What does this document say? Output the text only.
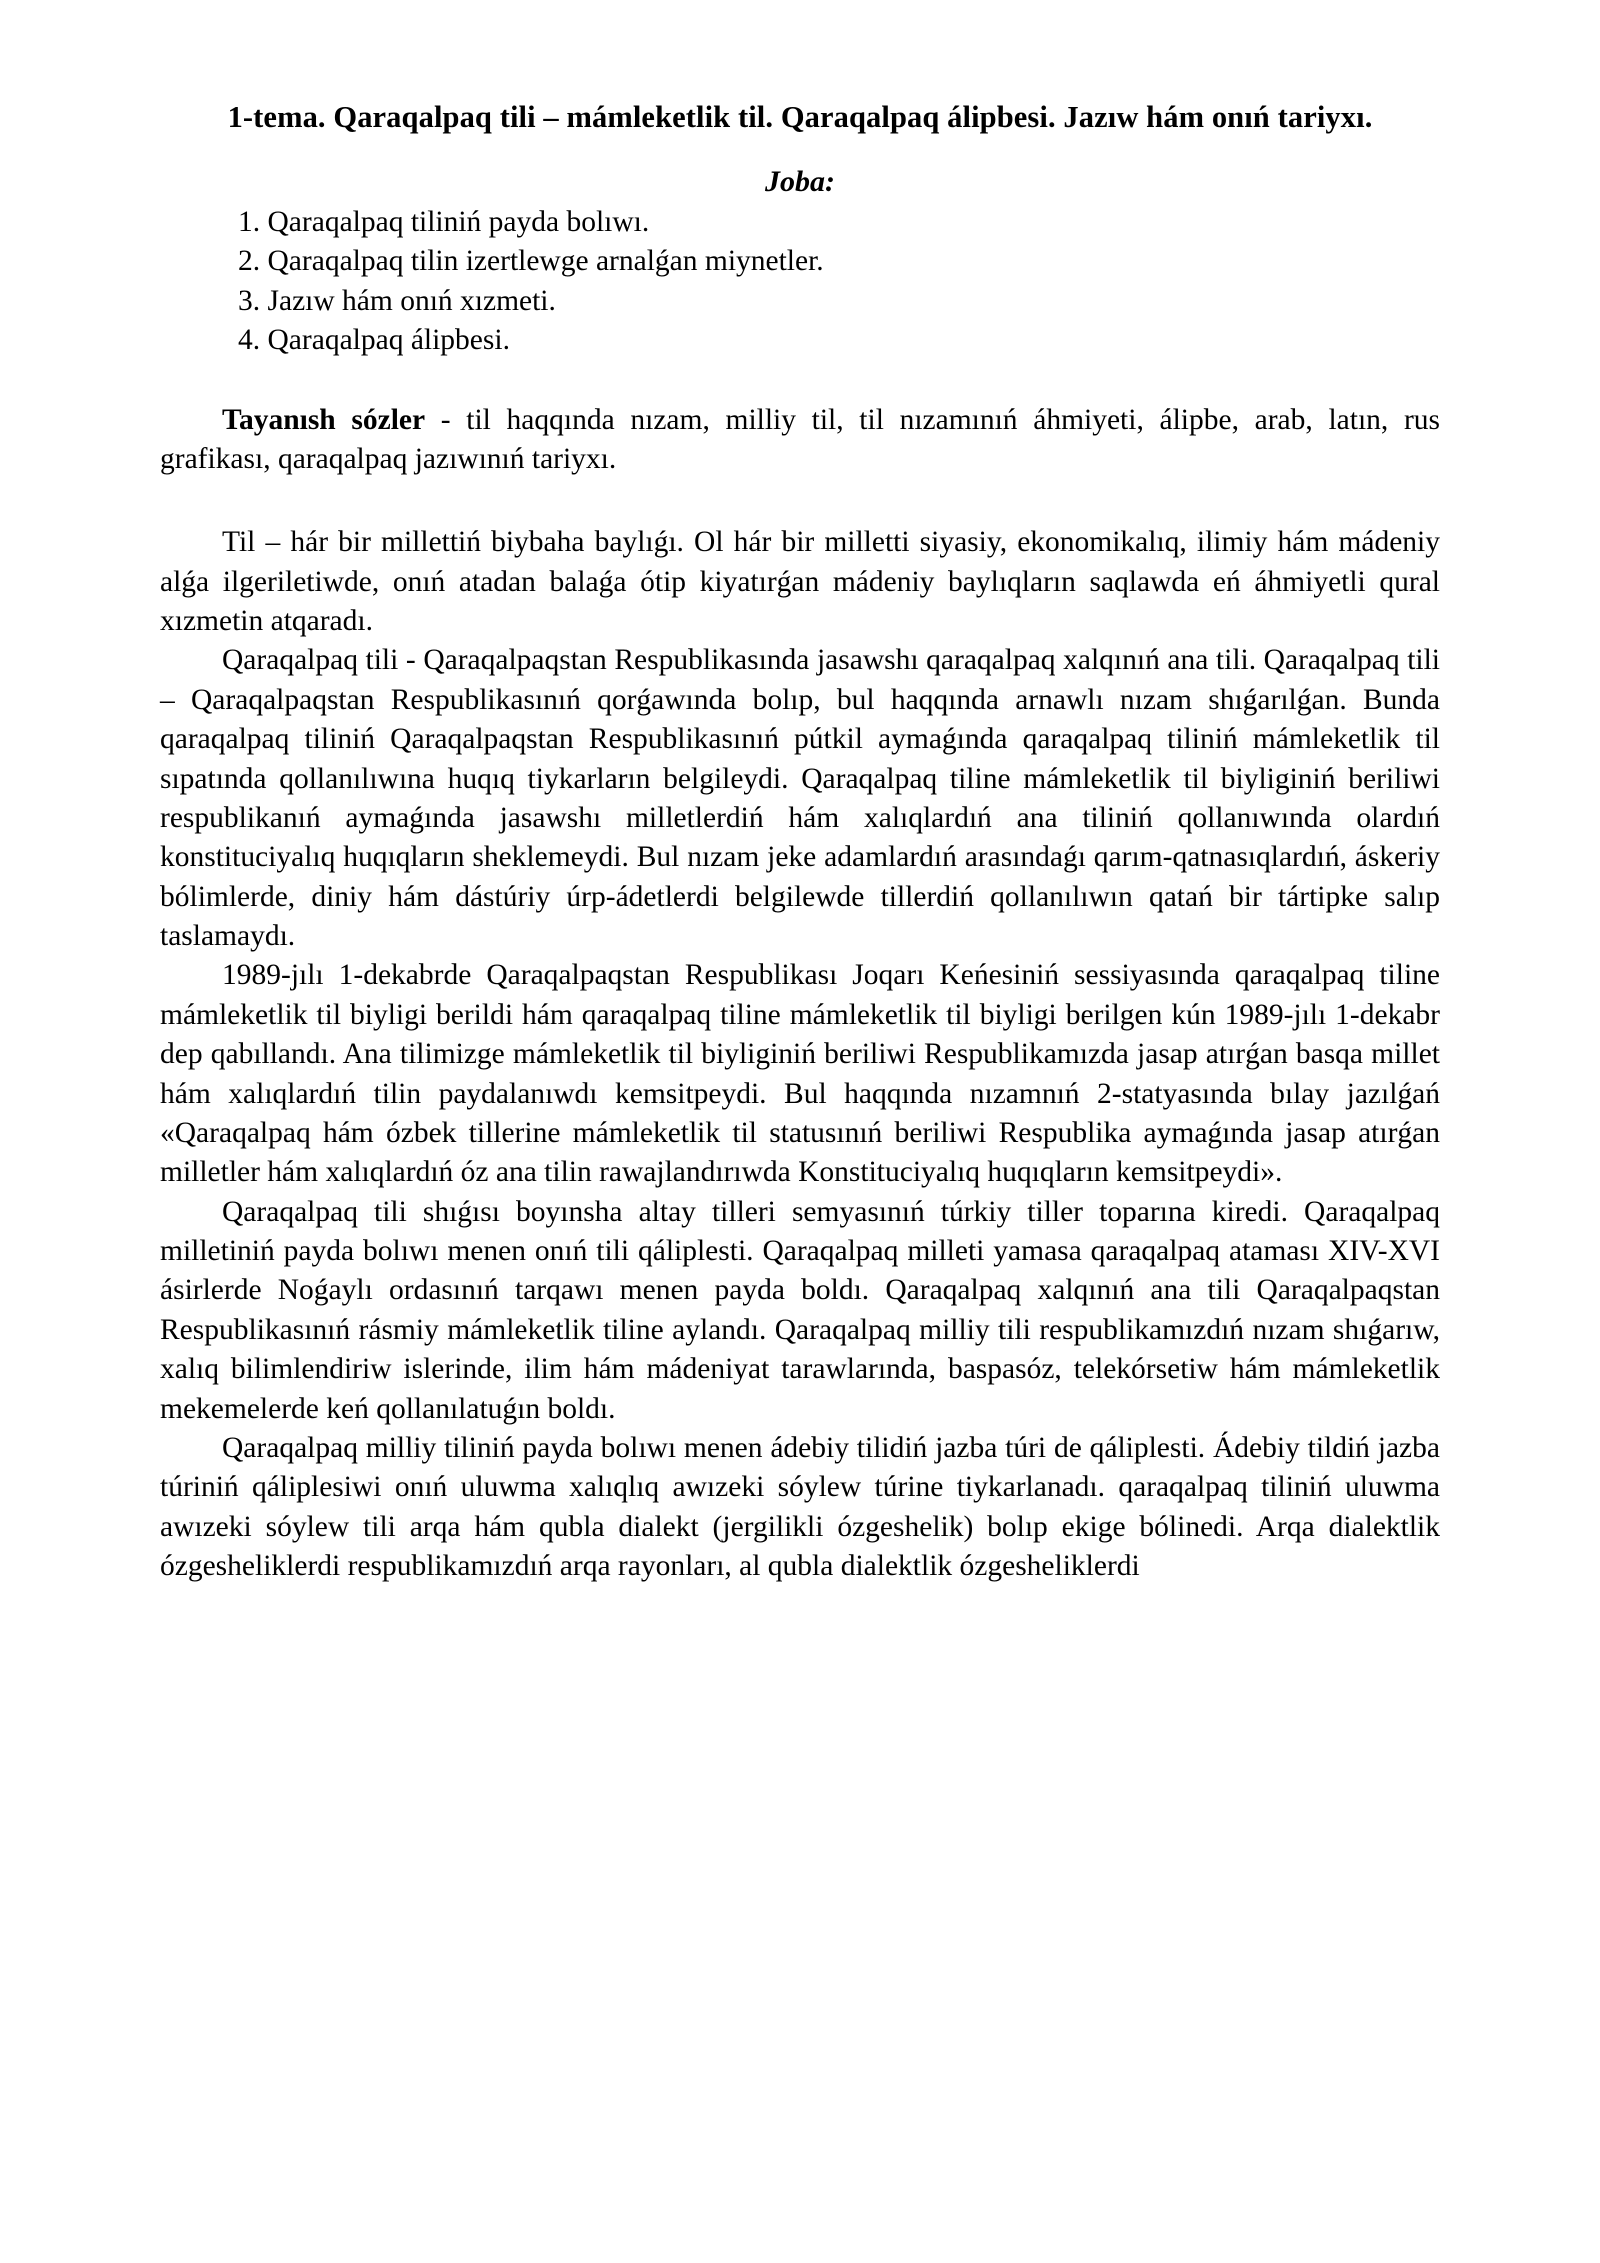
1-tema. Qaraqalpaq tili – mámleketlik til. Qaraqalpaq álipbesi. Jazıw hám onıń tariyxı.
Joba:
1. Qaraqalpaq tiliniń payda bolıwı.
2. Qaraqalpaq tilin izertlewge arnalǵan miynetler.
3. Jazıw hám onıń xızmeti.
4. Qaraqalpaq álipbesi.

Tayanısh sózler - til haqqında nızam, milliy til, til nızamınıń áhmiyeti, álipbe, arab, latın, rus grafikası, qaraqalpaq jazıwınıń tariyxı.

Til – hár bir millettiń biybaha baylıǵı. Ol hár bir milletti siyasiy, ekonomikalıq, ilimiy hám mádeniy alǵa ilgeriletiwde, onıń atadan balaǵa ótip kiyatırǵan mádeniy baylıqların saqlawda eń áhmiyetli qural xızmetin atqaradı.

Qaraqalpaq tili - Qaraqalpaqstan Respublikasında jasawshı qaraqalpaq xalqınıń ana tili. Qaraqalpaq tili – Qaraqalpaqstan Respublikasınıń qorǵawında bolıp, bul haqqında arnawlı nızam shıǵarılǵan. Bunda qaraqalpaq tiliniń Qaraqalpaqstan Respublikasınıń pútkil aymaǵında qaraqalpaq tiliniń mámleketlik til sıpatında qollanılıwına huqıq tiykarların belgileydi. Qaraqalpaq tiline mámleketlik til biyliginiń beriliwi respublikanıń aymaǵında jasawshı milletlerdiń hám xalıqlardıń ana tiliniń qollanıwında olardıń konstituciyalıq huqıqların sheklemeydi. Bul nızam jeke adamlardıń arasındaǵı qarım-qatnasıqlardıń, áskeriy bólimlerde, diniy hám dástúriy úrp-ádetlerdi belgilewde tillerdiń qollanılıwın qatań bir tártipke salıp taslamaydı.

1989-jılı 1-dekabrde Qaraqalpaqstan Respublikası Joqarı Keńesiniń sessiyasında qaraqalpaq tiline mámleketlik til biyligi berildi hám qaraqalpaq tiline mámleketlik til biyligi berilgen kún 1989-jılı 1-dekabr dep qabıllandı. Ana tilimizge mámleketlik til biyliginiń beriliwi Respublikamızda jasap atırǵan basqa millet hám xalıqlardıń tilin paydalanıwdı kemsitpeydi. Bul haqqında nızamnıń 2-statyasında bılay jazılǵań «Qaraqalpaq hám ózbek tillerine mámleketlik til statusınıń beriliwi Respublika aymaǵında jasap atırǵan milletler hám xalıqlardıń óz ana tilin rawajlandırıwda Konstituciyalıq huqıqların kemsitpeydi».

Qaraqalpaq tili shıǵısı boyınsha altay tilleri semyasınıń túrkiy tiller toparına kiredi. Qaraqalpaq milletiniń payda bolıwı menen onıń tili qáliplesti. Qaraqalpaq milleti yamasa qaraqalpaq ataması XIV-XVI ásirlerde Noǵaylı ordasınıń tarqawı menen payda boldı. Qaraqalpaq xalqınıń ana tili Qaraqalpaqstan Respublikasınıń rásmiy mámleketlik tiline aylandı. Qaraqalpaq milliy tili respublikamızdıń nızam shıǵarıw, xalıq bilimlendiriw islerinde, ilim hám mádeniyat tarawlarında, baspasóz, telekórsetiw hám mámleketlik mekemelerde keń qollanılatuǵın boldı.

Qaraqalpaq milliy tiliniń payda bolıwı menen ádebiy tilidiń jazba túri de qáliplesti. Ádebiy tildiń jazba túriniń qáliplesiwi onıń uluwma xalıqlıq awızeki sóylew túrine tiykarlanadı. qaraqalpaq tiliniń uluwma awızeki sóylew tili arqa hám qubla dialekt (jergilikli ózgeshelik) bolıp ekige bólinedi. Arqa dialektlik ózgesheliklerdi respublikamızdıń arqa rayonları, al qubla dialektlik ózgesheliklerdi
